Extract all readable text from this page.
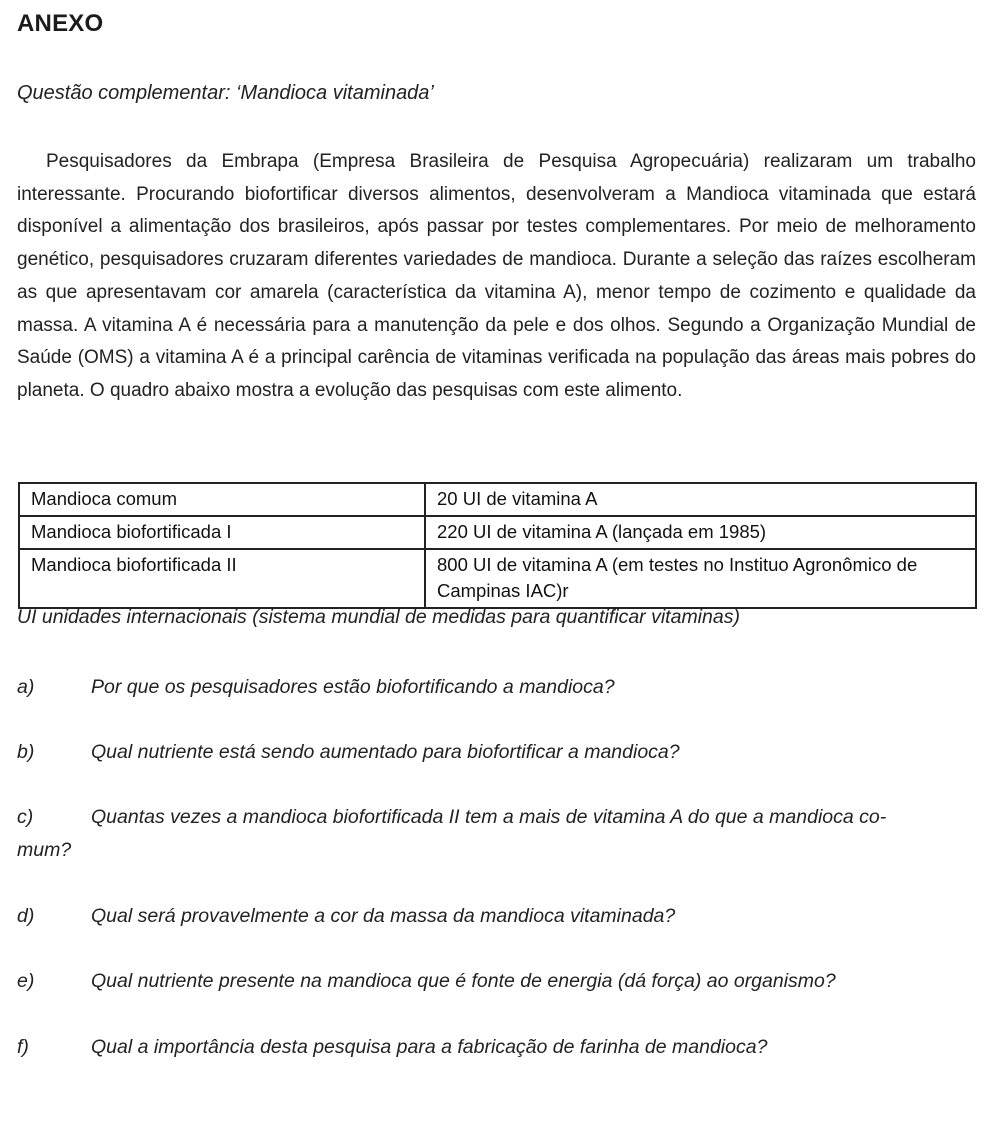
ANEXO
Questão complementar: ‘Mandioca vitaminada’

Pesquisadores da Embrapa (Empresa Brasileira de Pesquisa Agropecuária) realizaram um trabalho interessante. Procurando biofortificar diversos alimentos, desenvolveram a Mandioca vitaminada que estará disponível a alimentação dos brasileiros, após passar por testes complementares. Por meio de melhoramento genético, pesquisadores cruzaram diferentes variedades de mandioca. Durante a seleção das raízes escolheram as que apresentavam cor amarela (característica da vitamina A), menor tempo de cozimento e qualidade da massa. A vitamina A é necessária para a manutenção da pele e dos olhos. Segundo a Organização Mundial de Saúde (OMS) a vitamina A é a principal carência de vitaminas verificada na população das áreas mais pobres do planeta. O quadro abaixo mostra a evolução das pesquisas com este alimento.

Mandioca comum	20 UI de vitamina A
Mandioca biofortificada I	220 UI de vitamina A (lançada em 1985)
Mandioca biofortificada II	800 UI de vitamina A (em testes no Instituo Agronômico de Campinas IAC)r
UI unidades internacionais (sistema mundial de medidas para quantificar vitaminas)
a)	Por que os pesquisadores estão biofortificando a mandioca?
b)	Qual nutriente está sendo aumentado para biofortificar a mandioca?
c)	Quantas vezes a mandioca biofortificada II tem a mais de vitamina A do que a mandioca co-
mum?
d)	Qual será provavelmente a cor da massa da mandioca vitaminada?
e)	Qual nutriente presente na mandioca que é fonte de energia (dá força) ao organismo?
f)	Qual a importância desta pesquisa para a fabricação de farinha de mandioca?
